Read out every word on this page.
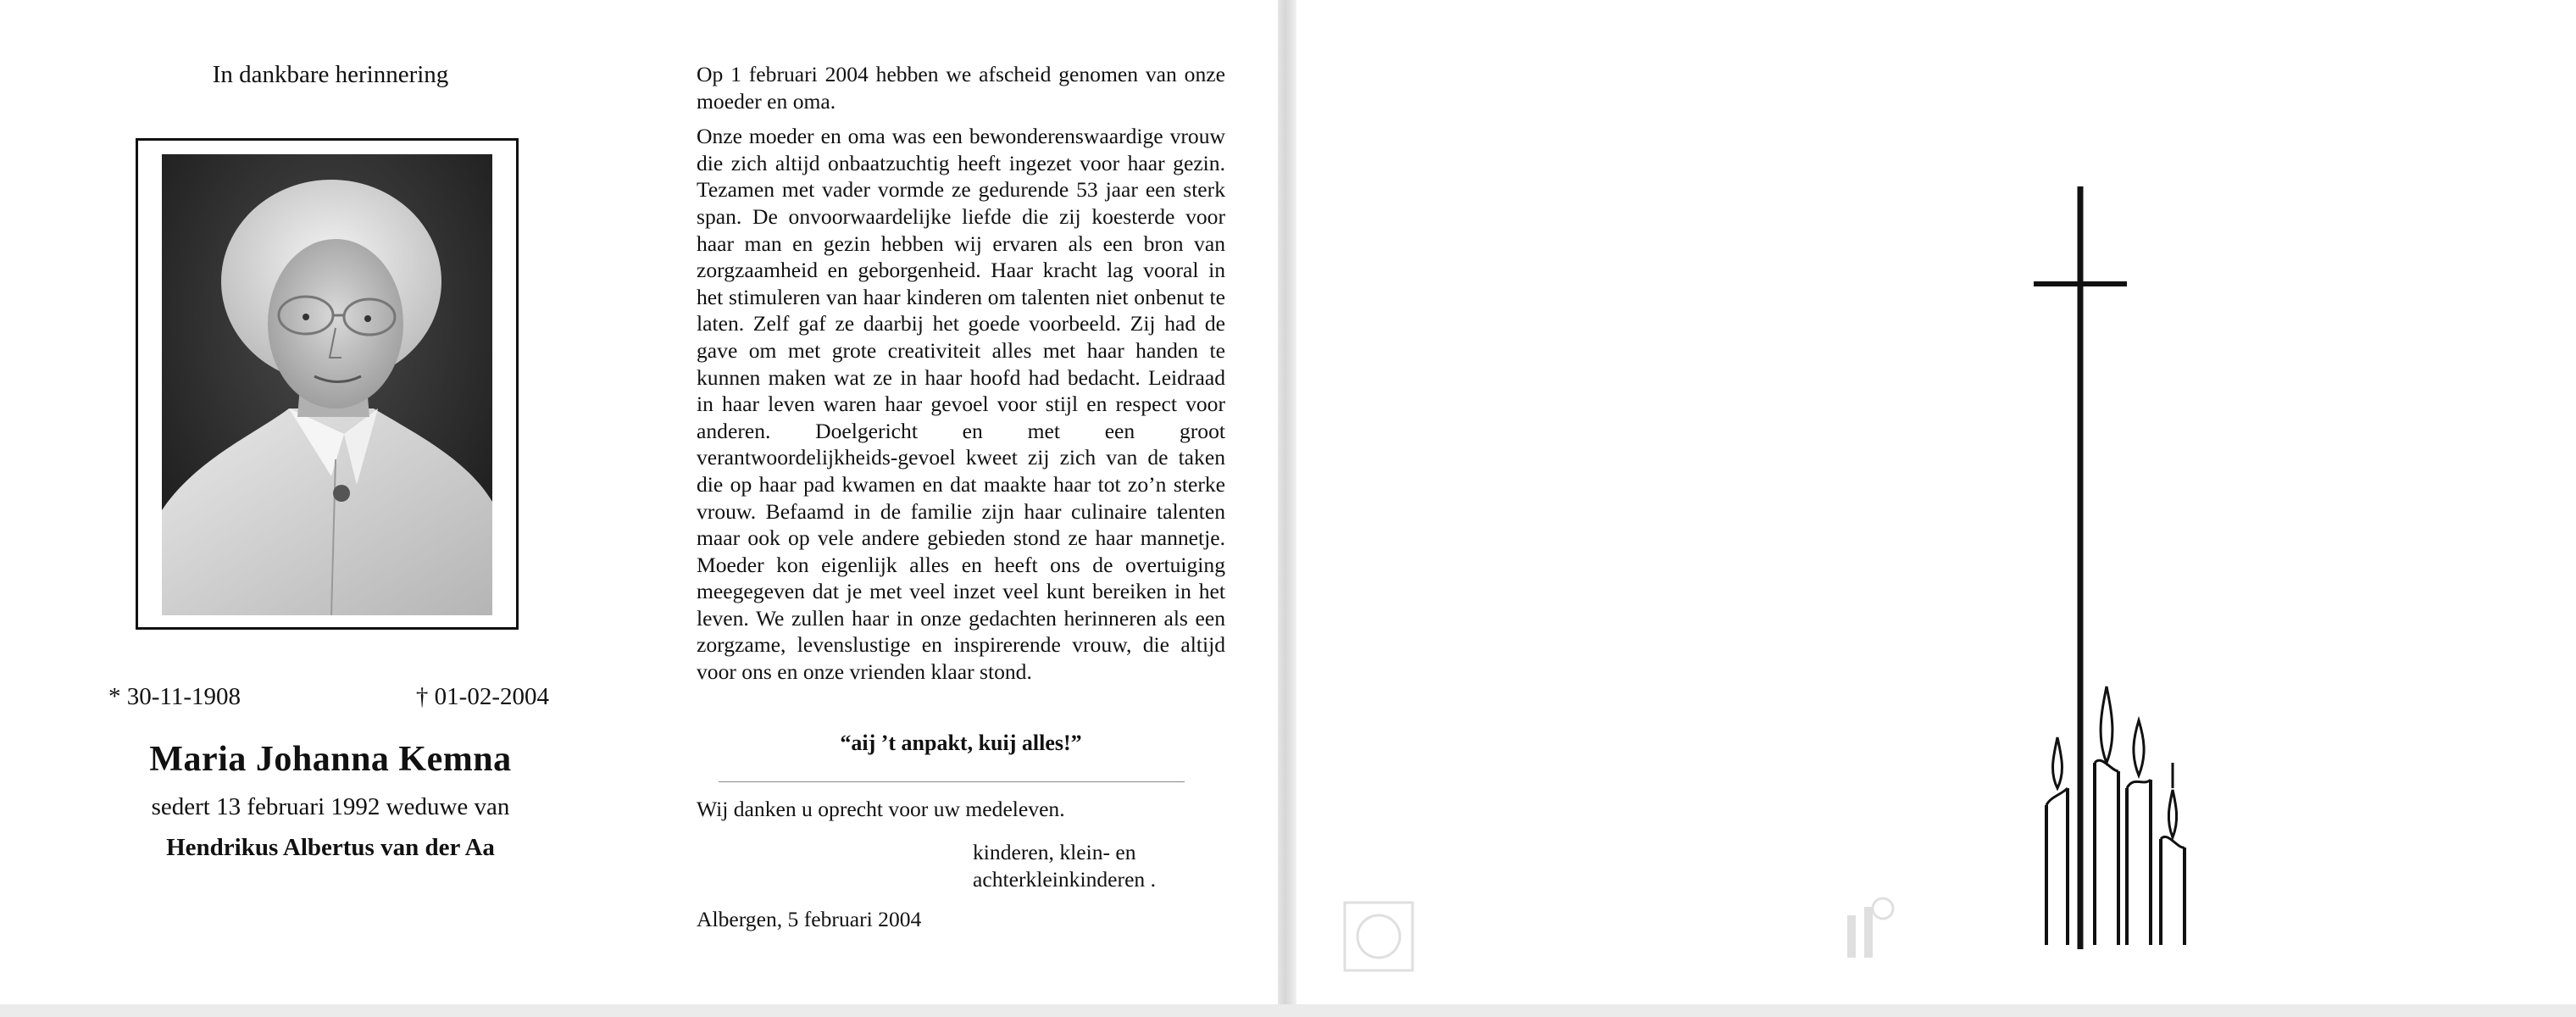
In dankbare herinnering
* 30-11-1908	† 01-02-2004
Maria Johanna Kemna
sedert 13 februari 1992 weduwe van
Hendrikus Albertus van der Aa

Op 1 februari 2004 hebben we afscheid genomen van onze moeder en oma.

Onze moeder en oma was een bewonderenswaardige vrouw die zich altijd onbaatzuchtig heeft ingezet voor haar gezin. Tezamen met vader vormde ze gedurende 53 jaar een sterk span. De onvoorwaardelijke liefde die zij koesterde voor haar man en gezin hebben wij ervaren als een bron van zorgzaamheid en geborgenheid. Haar kracht lag vooral in het stimuleren van haar kinderen om talenten niet onbenut te laten. Zelf gaf ze daarbij het goede voorbeeld. Zij had de gave om met grote creativiteit alles met haar handen te kunnen maken wat ze in haar hoofd had bedacht. Leidraad in haar leven waren haar gevoel voor stijl en respect voor anderen. Doelgericht en met een groot verantwoordelijkheids-gevoel kweet zij zich van de taken die op haar pad kwamen en dat maakte haar tot zo’n sterke vrouw. Befaamd in de familie zijn haar culinaire talenten maar ook op vele andere gebieden stond ze haar mannetje. Moeder kon eigenlijk alles en heeft ons de overtuiging meegegeven dat je met veel inzet veel kunt bereiken in het leven. We zullen haar in onze gedachten herinneren als een zorgzame, levenslustige en inspirerende vrouw, die altijd voor ons en onze vrienden klaar stond.

“aij ’t anpakt, kuij alles!”
Wij danken u oprecht voor uw medeleven.
kinderen, klein- en
achterkleinkinderen .
Albergen, 5 februari 2004
